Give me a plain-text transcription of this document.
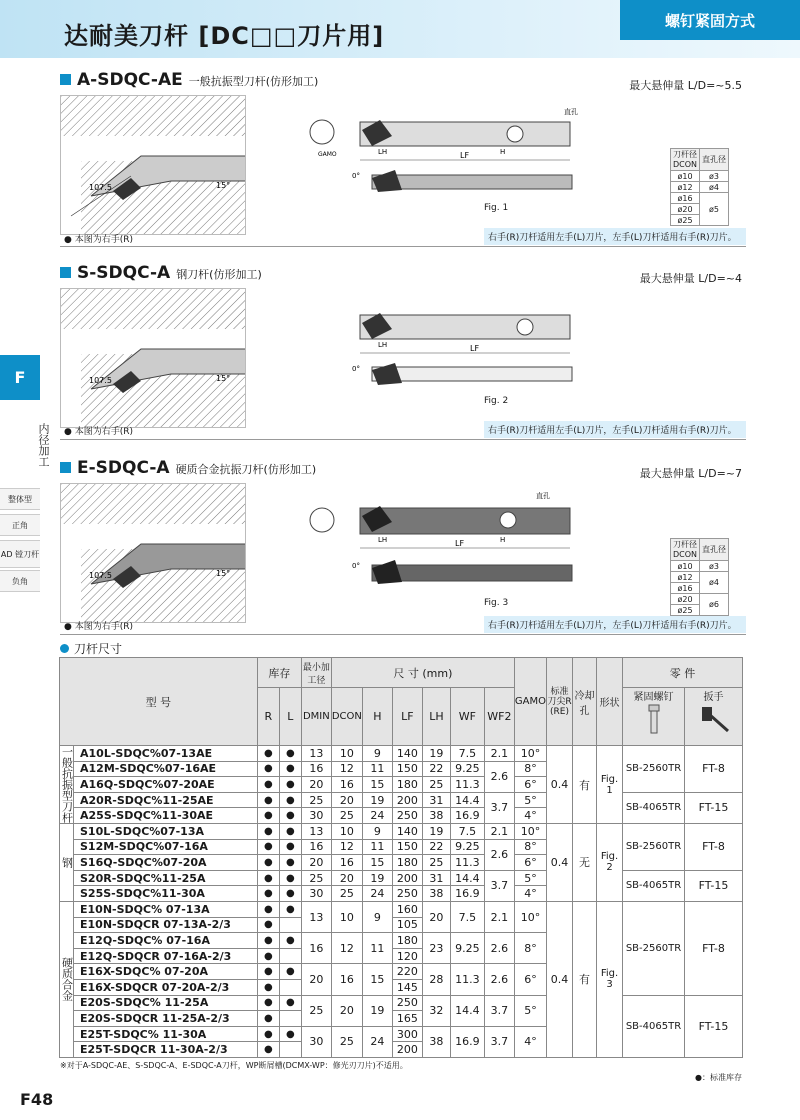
达耐美刀杆 [DC□□刀片用]
螺钉紧固方式
F
内径加工
整体型
正角
AD 镗刀杆
负角
A-SDQC-AE 一般抗振型刀杆(仿形加工)	最大悬伸量 L/D=~5.5
107.5	15°
● 本图为右手(R)
LF
LH
GAMO	H
直孔
0°
Fig. 1
刀杆径
DCON	直孔径
ø10	ø3
ø12	ø4
ø16	ø5
ø20	
ø25	
右手(R)刀杆适用左手(L)刀片，左手(L)刀杆适用右手(R)刀片。
S-SDQC-A 钢刀杆(仿形加工)	最大悬伸量 L/D=~4
107.5	15°
● 本图为右手(R)
LF
LH
0°
Fig. 2
右手(R)刀杆适用左手(L)刀片，左手(L)刀杆适用右手(R)刀片。
E-SDQC-A 硬质合金抗振刀杆(仿形加工)	最大悬伸量 L/D=~7
107.5	15°
● 本图为右手(R)
LF
LH	H
直孔
0°
Fig. 3
刀杆径
DCON	直孔径
ø10	ø3
ø12	ø4
ø16	
ø20	ø6
ø25	
右手(R)刀杆适用左手(L)刀片，左手(L)刀杆适用右手(R)刀片。
刀杆尺寸
型 号		库存		最小加工径	尺 寸 (mm)						GAMO	标准刀尖R (RE)	冷却孔	形状	零 件	
		R	L	DMIN	DCON	H	LF	LH	WF	WF2					紧固螺钉	扳手

一般抗振型刀杆	A10L-SDQC%07-13AE	●	●	13	10	9	140	19	7.5	2.1	10°	0.4	有	Fig. 1	SB-2560TR	FT-8
	A12M-SDQC%07-16AE	●	●	16	12	11	150	22	9.25	2.6	8°					
	A16Q-SDQC%07-20AE	●	●	20	16	15	180	25	11.3		6°					
	A20R-SDQC%11-25AE	●	●	25	20	19	200	31	14.4	3.7	5°				SB-4065TR	FT-15
	A25S-SDQC%11-30AE	●	●	30	25	24	250	38	16.9		4°					
钢	S10L-SDQC%07-13A	●	●	13	10	9	140	19	7.5	2.1	10°	0.4	无	Fig. 2	SB-2560TR	FT-8
	S12M-SDQC%07-16A	●	●	16	12	11	150	22	9.25	2.6	8°					
	S16Q-SDQC%07-20A	●	●	20	16	15	180	25	11.3		6°					
	S20R-SDQC%11-25A	●	●	25	20	19	200	31	14.4	3.7	5°				SB-4065TR	FT-15
	S25S-SDQC%11-30A	●	●	30	25	24	250	38	16.9		4°					
硬质合金	E10N-SDQC% 07-13A	●	●	13	10	9	160	20	7.5	2.1	10°	0.4	有	Fig. 3	SB-2560TR	FT-8
	E10N-SDQCR 07-13A-2/3	●					105									
	E12Q-SDQC% 07-16A	●	●	16	12	11	180	23	9.25	2.6	8°					
	E12Q-SDQCR 07-16A-2/3	●					120									
	E16X-SDQC% 07-20A	●	●	20	16	15	220	28	11.3	2.6	6°					
	E16X-SDQCR 07-20A-2/3	●					145									
	E20S-SDQC% 11-25A	●	●	25	20	19	250	32	14.4	3.7	5°				SB-4065TR	FT-15
	E20S-SDQCR 11-25A-2/3	●					165									
	E25T-SDQC% 11-30A	●	●	30	25	24	300	38	16.9	3.7	4°					
	E25T-SDQCR 11-30A-2/3	●					200									
※对于A-SDQC-AE、S-SDQC-A、E-SDQC-A刀杆，WP断屑槽(DCMX-WP：修光刃刀片)不适用。
●：标准库存
F48
